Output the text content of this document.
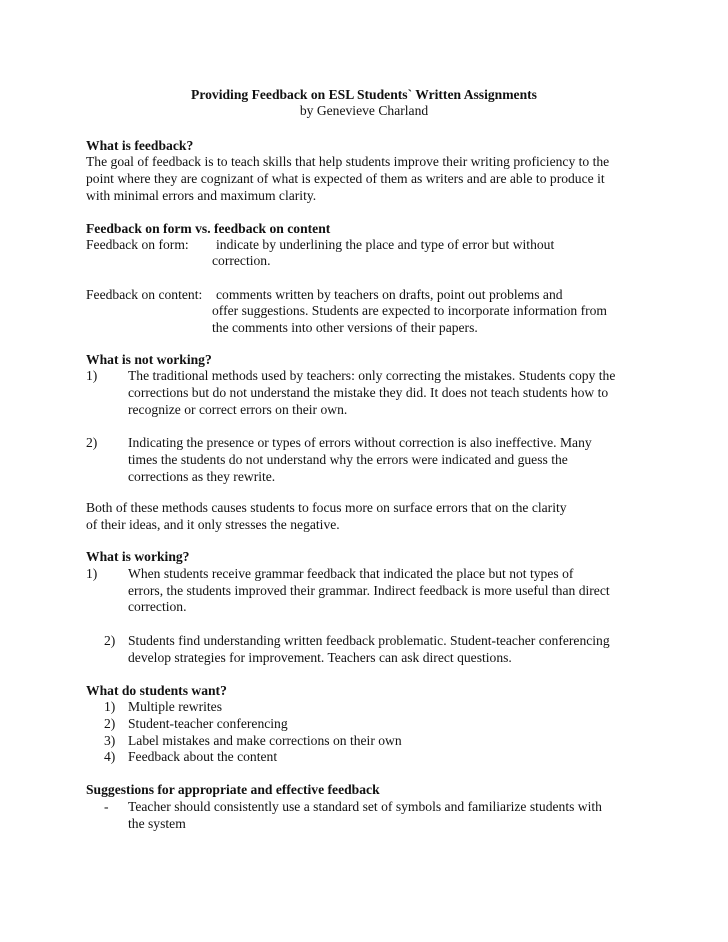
Providing Feedback on ESL Students` Written Assignments
by Genevieve Charland
What is feedback?
The goal of feedback is to teach skills that help students improve their writing proficiency to the
point where they are cognizant of what is expected of them as writers and are able to produce it
with minimal errors and maximum clarity.
Feedback on form vs. feedback on content
Feedback on form: indicate by underlining the place and type of error but without
correction.
Feedback on content: comments written by teachers on drafts, point out problems and
offer suggestions. Students are expected to incorporate information from
the comments into other versions of their papers.
What is not working?
1) The traditional methods used by teachers: only correcting the mistakes. Students copy the
corrections but do not understand the mistake they did. It does not teach students how to
recognize or correct errors on their own.
2) Indicating the presence or types of errors without correction is also ineffective. Many
times the students do not understand why the errors were indicated and guess the
corrections as they rewrite.
Both of these methods causes students to focus more on surface errors that on the clarity
of their ideas, and it only stresses the negative.
What is working?
1) When students receive grammar feedback that indicated the place but not types of
errors, the students improved their grammar. Indirect feedback is more useful than direct
correction.
2) Students find understanding written feedback problematic. Student-teacher conferencing
develop strategies for improvement. Teachers can ask direct questions.
What do students want?
1) Multiple rewrites
2) Student-teacher conferencing
3) Label mistakes and make corrections on their own
4) Feedback about the content
Suggestions for appropriate and effective feedback
- Teacher should consistently use a standard set of symbols and familiarize students with
the system
